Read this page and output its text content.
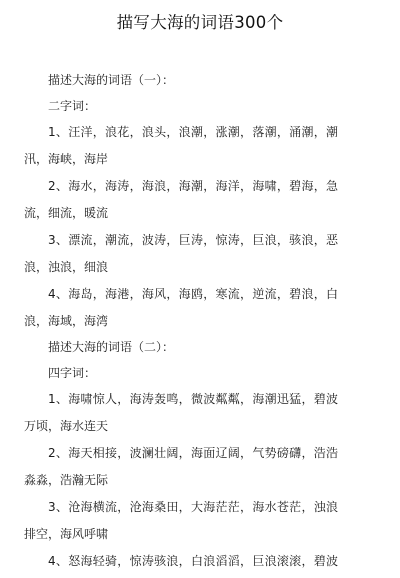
描写大海的词语300个
描述大海的词语（一）：
二字词：
1、汪洋，浪花，浪头，浪潮，涨潮，落潮，涌潮，潮
汛，海峡，海岸
2、海水，海涛，海浪，海潮，海洋，海啸，碧海，急
流，细流，暖流
3、漂流，潮流，波涛，巨涛，惊涛，巨浪，骇浪，恶
浪，浊浪，细浪
4、海岛，海港，海风，海鸥，寒流，逆流，碧浪，白
浪，海域，海湾
描述大海的词语（二）：
四字词：
1、海啸惊人，海涛轰鸣，微波粼粼，海潮迅猛，碧波
万顷，海水连天
2、海天相接，波澜壮阔，海面辽阔，气势磅礴，浩浩
淼淼，浩瀚无际
3、沧海横流，沧海桑田，大海茫茫，海水苍茫，浊浪
排空，海风呼啸
4、怒海轻骑，惊涛骇浪，白浪滔滔，巨浪滚滚，碧波
